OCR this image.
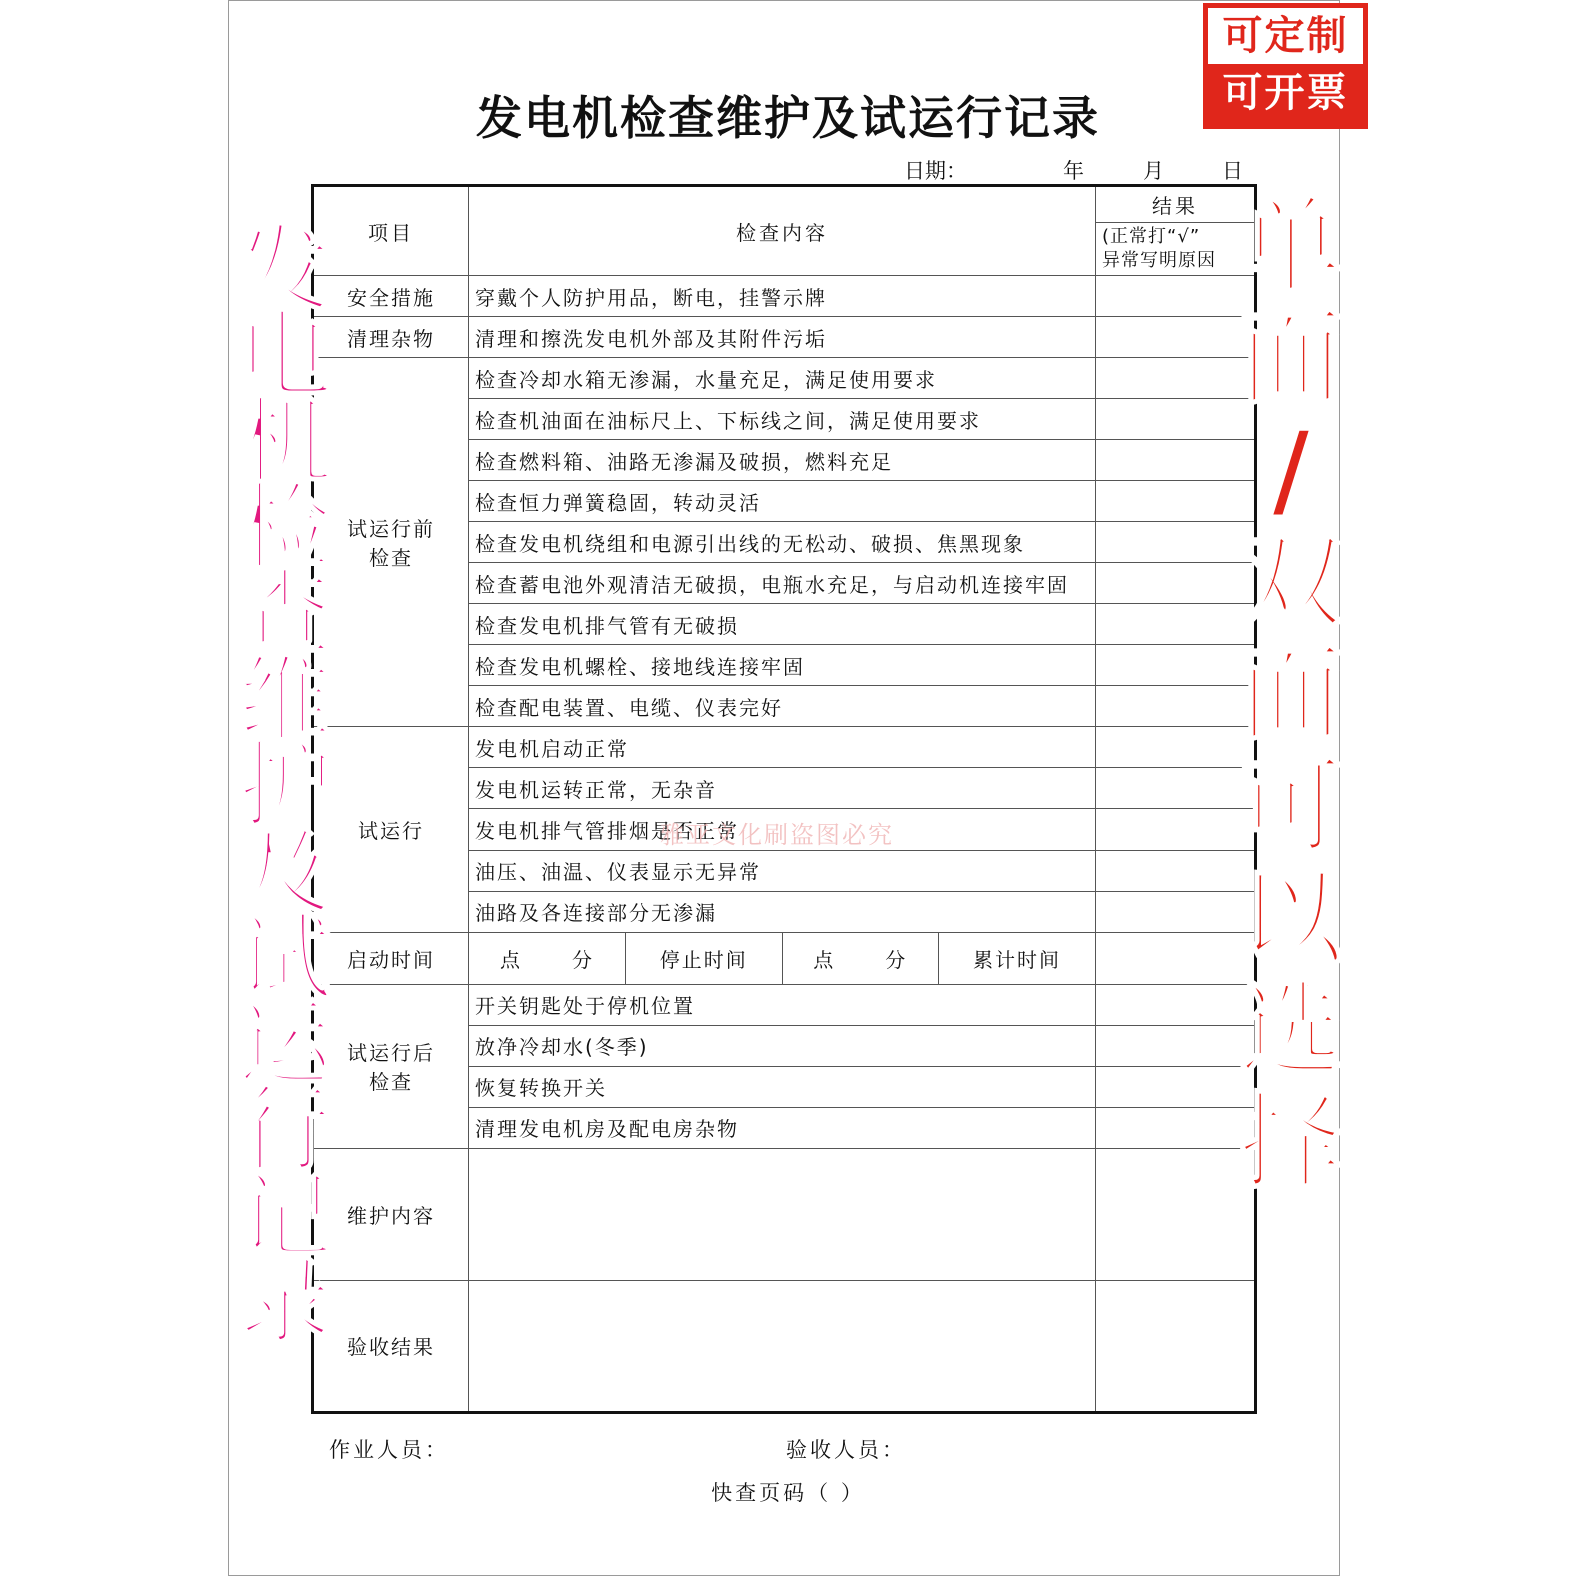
发电机检查维护及试运行记录
日期：	年	月	日
项目	检查内容	
结果
(正常打“√”
异常写明原因

安全措施	穿戴个人防护用品，断电，挂警示牌	
清理杂物	清理和擦洗发电机外部及其附件污垢	

试运行前
检查
	检查冷却水箱无渗漏，水量充足，满足使用要求	
检查机油面在油标尺上、下标线之间，满足使用要求	
检查燃料箱、油路无渗漏及破损，燃料充足	
检查恒力弹簧稳固，转动灵活	
检查发电机绕组和电源引出线的无松动、破损、焦黑现象	
检查蓄电池外观清洁无破损，电瓶水充足，与启动机连接牢固	
检查发电机排气管有无破损	
检查发电机螺栓、接地线连接牢固	
检查配电装置、电缆、仪表完好	
试运行	发电机启动正常	
发电机运转正常，无杂音	
发电机排气管排烟是否正常	
油压、油温、仪表显示无异常	
油路及各连接部分无渗漏	
启动时间		点	分	停止时间	点	分	累计时间

试运行后
检查
	开关钥匙处于停机位置	
放净冷却水(冬季)	
恢复转换开关	
清理发电机房及配电房杂物	
维护内容		
验收结果		
作业人员：	验收人员：
快查页码（ ）
雅亚文化刷盗图必究
可定制
可开票
发
电
机
检
查
维
护
及
试
运
行
记
录
单
面
/
双
面
可
以
选
择
